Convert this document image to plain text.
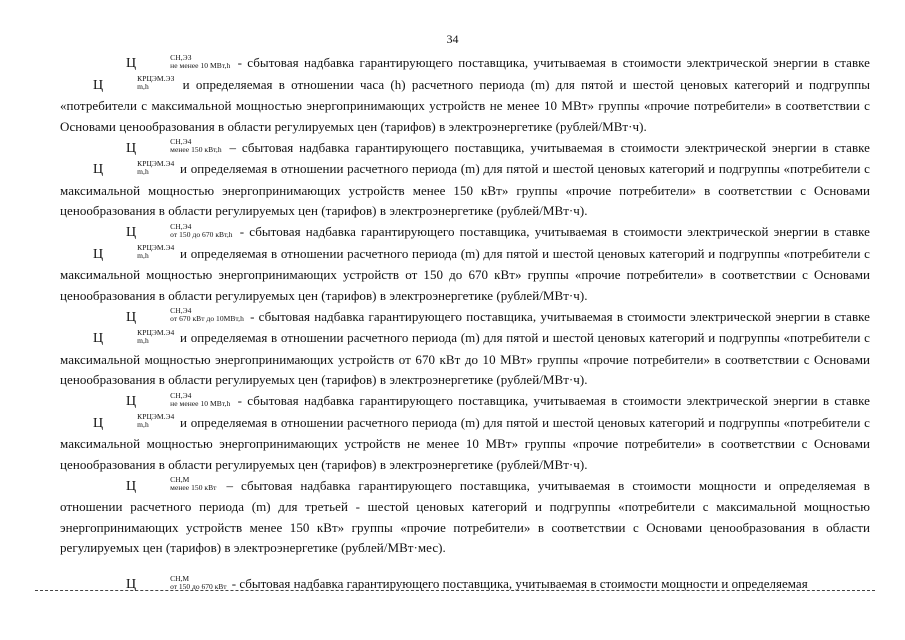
34

Ц	СН,ЭЗ
не менее 10 МВт,h - сбытовая надбавка гарантирующего поставщика, учитываемая в стоимости электрической энергии в ставке Ц	КРЦЭМ.ЭЗ
m,h	и определяемая в отношении часа (h) расчетного периода (m) для пятой и шестой ценовых категорий и подгруппы «потребители с максимальной мощностью энергопринимающих устройств не менее 10 МВт» группы «прочие потребители» в соответствии с Основами ценообразования в области регулируемых цен (тарифов) в электроэнергетике (рублей/МВт·ч).

Ц	СН,Э4
менее 150 кВт,h – сбытовая надбавка гарантирующего поставщика, учитываемая в стоимости электрической энергии в ставке Ц	КРЦЭМ.Э4
m,h	и определяемая в отношении расчетного периода (m) для пятой и шестой ценовых категорий и подгруппы «потребители с максимальной мощностью энергопринимающих устройств менее 150 кВт» группы «прочие потребители» в соответствии с Основами ценообразования в области регулируемых цен (тарифов) в электроэнергетике (рублей/МВт·ч).

Ц	СН,Э4
от 150 до 670 кВт,h - сбытовая надбавка гарантирующего поставщика, учитываемая в стоимости электрической энергии в ставке Ц	КРЦЭМ.Э4
m,h	и определяемая в отношении расчетного периода (m) для пятой и шестой ценовых категорий и подгруппы «потребители с максимальной мощностью энергопринимающих устройств от 150 до 670 кВт» группы «прочие потребители» в соответствии с Основами ценообразования в области регулируемых цен (тарифов) в электроэнергетике (рублей/МВт·ч).

Ц	СН,Э4
от 670 кВт до 10МВт,h - сбытовая надбавка гарантирующего поставщика, учитываемая в стоимости электрической энергии в ставке Ц	КРЦЭМ.Э4
m,h	и определяемая в отношении расчетного периода (m) для пятой и шестой ценовых категорий и подгруппы «потребители с максимальной мощностью энергопринимающих устройств от 670 кВт до 10 МВт» группы «прочие потребители» в соответствии с Основами ценообразования в области регулируемых цен (тарифов) в электроэнергетике (рублей/МВт·ч).

Ц	СН,Э4
не менее 10 МВт,h - сбытовая надбавка гарантирующего поставщика, учитываемая в стоимости электрической энергии в ставке Ц	КРЦЭМ.Э4
m,h	и определяемая в отношении расчетного периода (m) для пятой и шестой ценовых категорий и подгруппы «потребители с максимальной мощностью энергопринимающих устройств не менее 10 МВт» группы «прочие потребители» в соответствии с Основами ценообразования в области регулируемых цен (тарифов) в электроэнергетике (рублей/МВт·ч).

Ц	СН,М
менее 150 кВт – сбытовая надбавка гарантирующего поставщика, учитываемая в стоимости мощности и определяемая в отношении расчетного периода (m) для третьей - шестой ценовых категорий и подгруппы «потребители с максимальной мощностью энергопринимающих устройств менее 150 кВт» группы «прочие потребители» в соответствии с Основами ценообразования в области регулируемых цен (тарифов) в электроэнергетике (рублей/МВт·мес).

Ц	СН,М
от 150 до 670 кВт - сбытовая надбавка гарантирующего поставщика, учитываемая в стоимости мощности и определяемая
